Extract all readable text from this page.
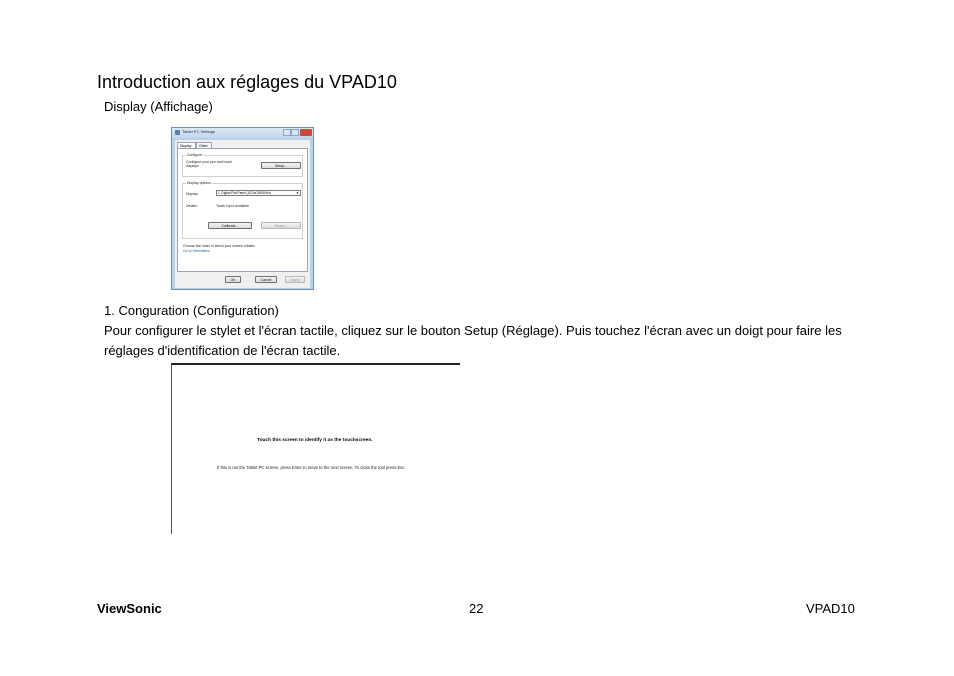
Introduction aux réglages du VPAD10
Display (Affichage)
Tablet PC Settings
Display	Other
Configure
Configure your pen and touch
displays.	Setup...
Display options
Display:	1. Digital Flat Panel (1024x768 60Hz)	▼
Details:	Touch Input Available
Calibrate...	Reset...
Choose the order in which your screen rotates.
Go to Orientation
OK	Cancel	Apply
1. Conguration (Configuration)
Pour configurer le stylet et l'écran tactile, cliquez sur le bouton Setup (Réglage). Puis touchez l'écran avec un doigt pour faire les réglages d'identification de l'écran tactile.
Touch this screen to identify it as the touchscreen.
If this is not the Tablet PC screen, press Enter to move to the next screen. To close the tool press Esc.
ViewSonic	22	VPAD10
